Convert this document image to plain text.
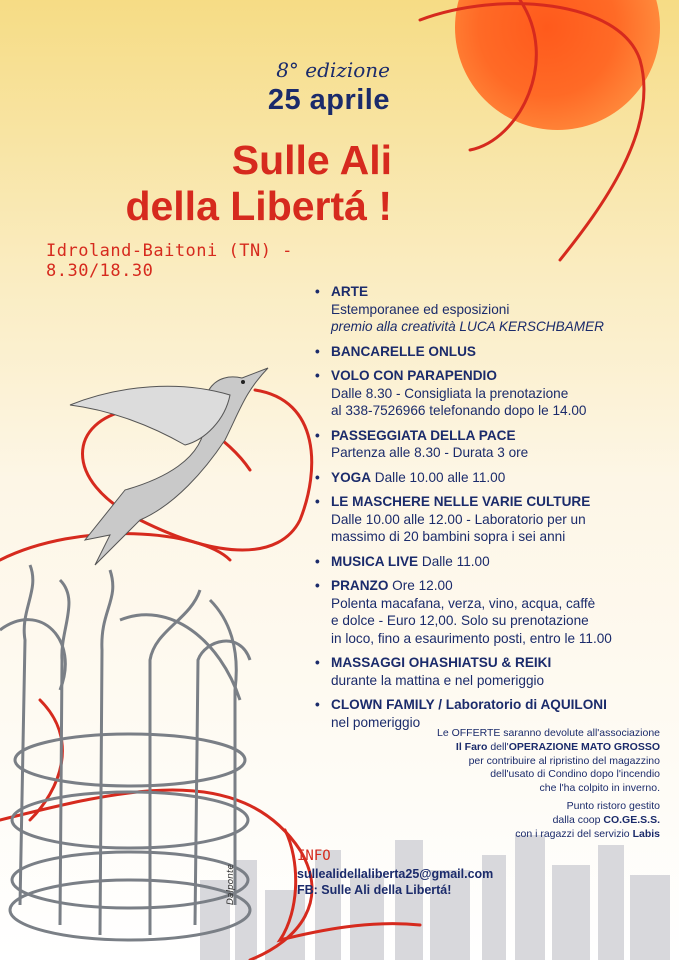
8° edizione
25 aprile
Sulle Ali
della Libertá !
Idroland-Baitoni (TN) - 8.30/18.30
• ARTE
Estemporanee ed esposizioni
premio alla creatività LUCA KERSCHBAMER
• BANCARELLE ONLUS
• VOLO CON PARAPENDIO
Dalle 8.30 - Consigliata la prenotazione
al 338-7526966 telefonando dopo le 14.00
• PASSEGGIATA DELLA PACE
Partenza alle 8.30 - Durata 3 ore
• YOGA Dalle 10.00 alle 11.00
• LE MASCHERE NELLE VARIE CULTURE
Dalle 10.00 alle 12.00 - Laboratorio per un
massimo di 20 bambini sopra i sei anni
• MUSICA LIVE Dalle 11.00
• PRANZO Ore 12.00
Polenta macafana, verza, vino, acqua, caffè
e dolce - Euro 12,00. Solo su prenotazione
in loco, fino a esaurimento posti, entro le 11.00
• MASSAGGI OHASHIATSU & REIKI
durante la mattina e nel pomeriggio
• CLOWN FAMILY / Laboratorio di AQUILONI
nel pomeriggio
Le OFFERTE saranno devolute all'associazione
Il Faro dell'OPERAZIONE MATO GROSSO
per contribuire al ripristino del magazzino
dell'usato di Condino dopo l'incendio
che l'ha colpito in inverno.
Punto ristoro gestito
dalla coop CO.GE.S.S.
con i ragazzi del servizio Labis
INFO
sullealidellaliberta25@gmail.com
FB: Sulle Ali della Libertá!
Dalponte
